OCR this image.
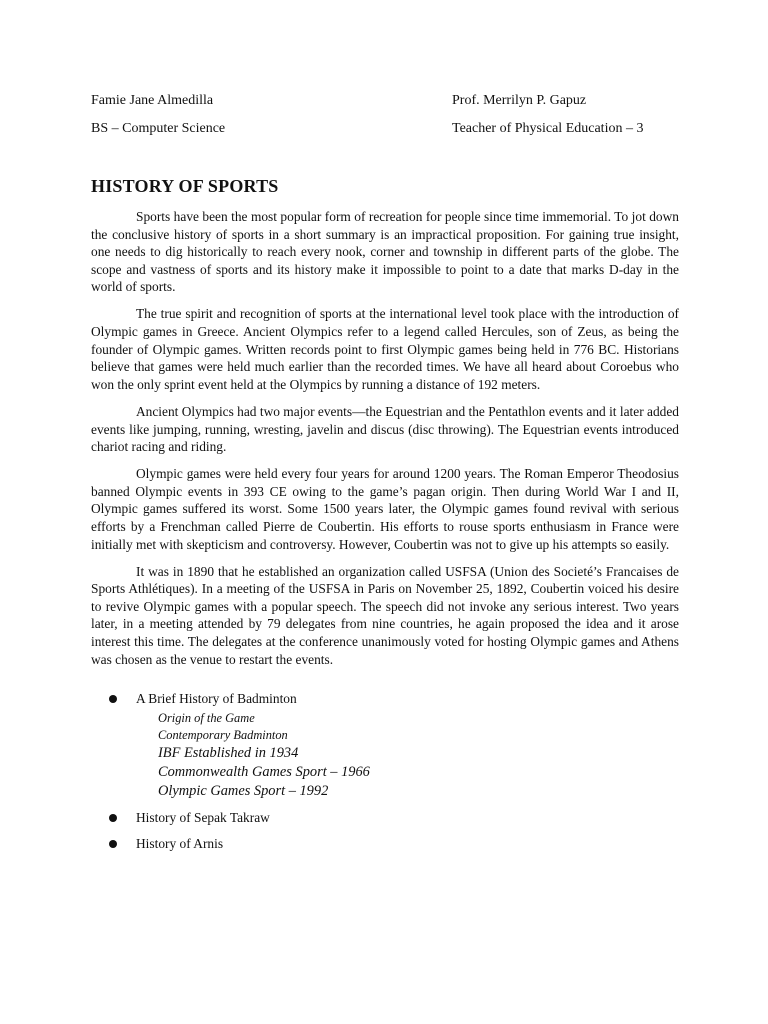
Famie Jane Almedilla
BS – Computer Science
Prof. Merrilyn P. Gapuz
Teacher of Physical Education – 3
HISTORY OF SPORTS

Sports have been the most popular form of recreation for people since time immemorial. To jot down the conclusive history of sports in a short summary is an impractical proposition. For gaining true insight, one needs to dig historically to reach every nook, corner and township in different parts of the globe. The scope and vastness of sports and its history make it impossible to point to a date that marks D-day in the world of sports.

The true spirit and recognition of sports at the international level took place with the introduction of Olympic games in Greece. Ancient Olympics refer to a legend called Hercules, son of Zeus, as being the founder of Olympic games. Written records point to first Olympic games being held in 776 BC. Historians believe that games were held much earlier than the recorded times. We have all heard about Coroebus who won the only sprint event held at the Olympics by running a distance of 192 meters.

Ancient Olympics had two major events—the Equestrian and the Pentathlon events and it later added events like jumping, running, wresting, javelin and discus (disc throwing). The Equestrian events introduced chariot racing and riding.

Olympic games were held every four years for around 1200 years. The Roman Emperor Theodosius banned Olympic events in 393 CE owing to the game’s pagan origin. Then during World War I and II, Olympic games suffered its worst. Some 1500 years later, the Olympic games found revival with serious efforts by a Frenchman called Pierre de Coubertin. His efforts to rouse sports enthusiasm in France were initially met with skepticism and controversy. However, Coubertin was not to give up his attempts so easily.

It was in 1890 that he established an organization called USFSA (Union des Societé’s Francaises de Sports Athlétiques). In a meeting of the USFSA in Paris on November 25, 1892, Coubertin voiced his desire to revive Olympic games with a popular speech. The speech did not invoke any serious interest. Two years later, in a meeting attended by 79 delegates from nine countries, he again proposed the idea and it arose interest this time. The delegates at the conference unanimously voted for hosting Olympic games and Athens was chosen as the venue to restart the events.

A Brief History of Badminton
Origin of the Game
Contemporary Badminton
IBF Established in 1934
Commonwealth Games Sport – 1966
Olympic Games Sport – 1992
History of Sepak Takraw
History of Arnis
